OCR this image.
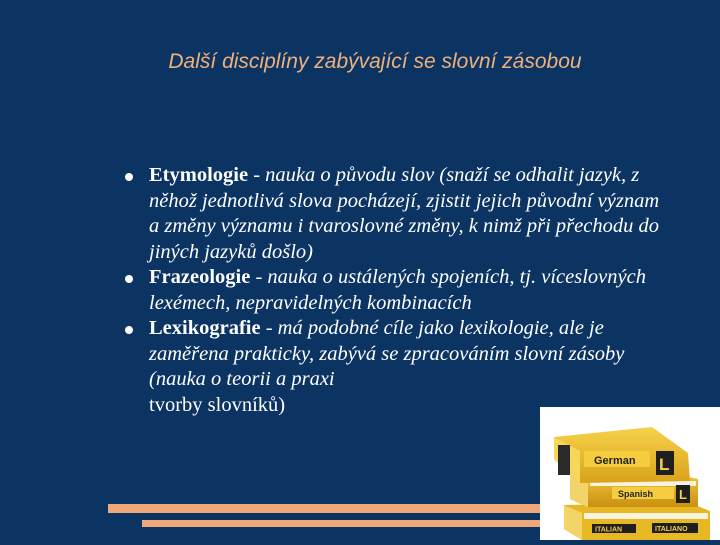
Další disciplíny zabývající se slovní zásobou
Etymologie - nauka o původu slov (snaží se odhalit jazyk, z něhož jednotlivá slova pocházejí, zjistit jejich původní význam a změny významu i tvaroslovné změny, k nimž při přechodu do jiných jazyků došlo)
Frazeologie - nauka o ustálených spojeních, tj. víceslovných lexémech, nepravidelných kombinacích
Lexikografie - má podobné cíle jako lexikologie, ale je zaměřena prakticky, zabývá se zpracováním slovní zásoby (nauka o teorii a praxi
tvorby slovníků)
ITALIAN	ITALIANO
Spanish L
German L
